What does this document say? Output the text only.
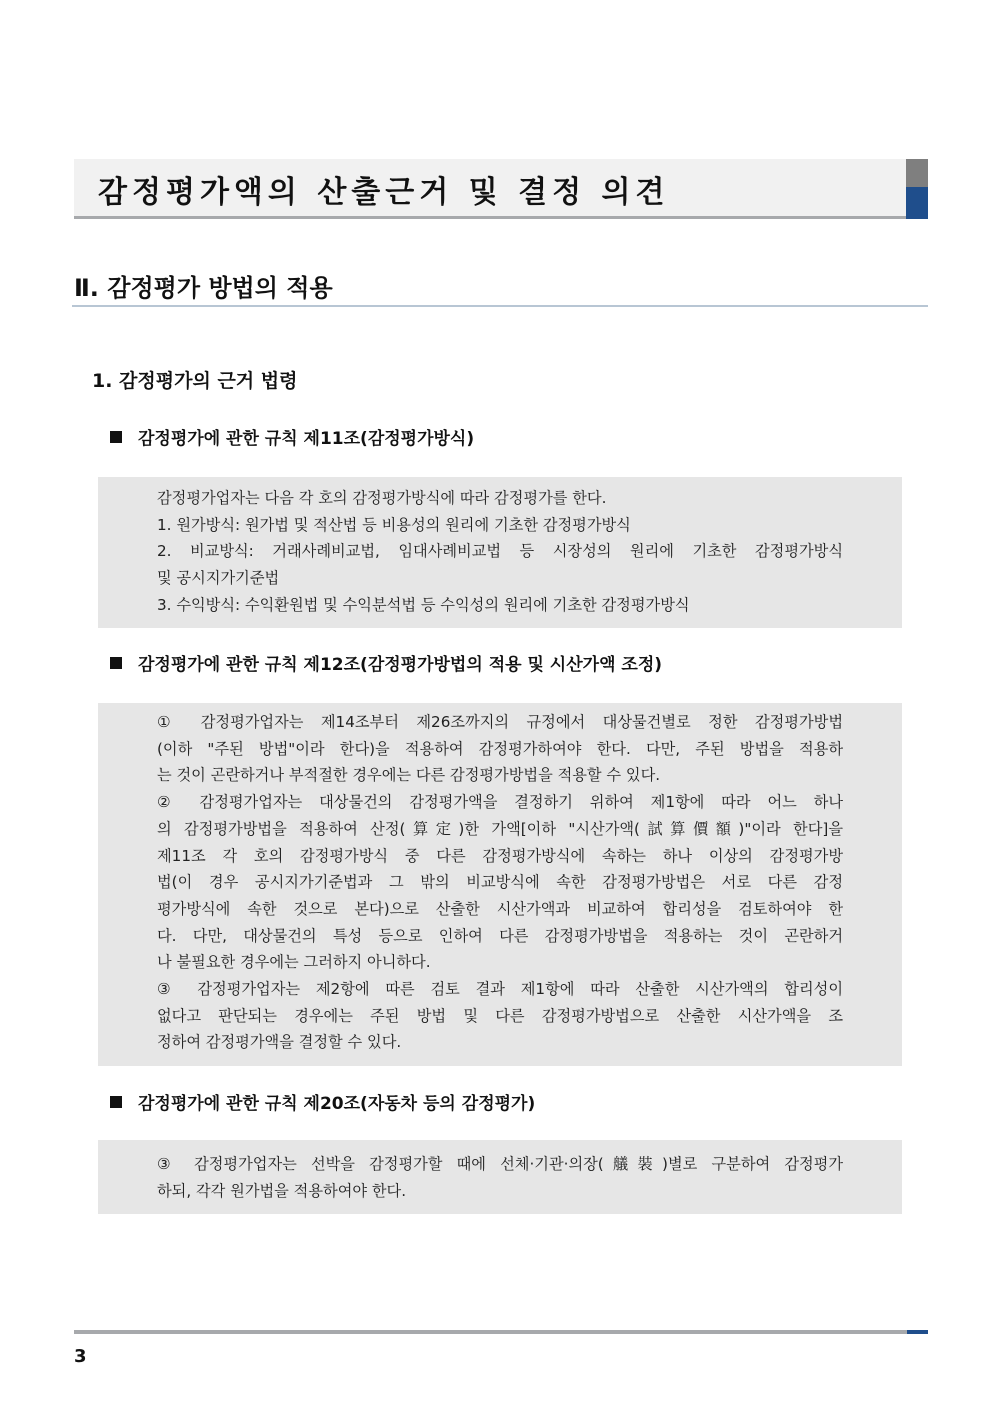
감정평가액의 산출근거 및 결정 의견
Ⅱ. 감정평가 방법의 적용
1. 감정평가의 근거 법령
감정평가에 관한 규칙 제11조(감정평가방식)
감정평가업자는 다음 각 호의 감정평가방식에 따라 감정평가를 한다.
1. 원가방식: 원가법 및 적산법 등 비용성의 원리에 기초한 감정평가방식
2. 비교방식: 거래사례비교법, 임대사례비교법 등 시장성의 원리에 기초한 감정평가방식
및 공시지가기준법
3. 수익방식: 수익환원법 및 수익분석법 등 수익성의 원리에 기초한 감정평가방식
감정평가에 관한 규칙 제12조(감정평가방법의 적용 및 시산가액 조정)
① 감정평가업자는 제14조부터 제26조까지의 규정에서 대상물건별로 정한 감정평가방법
(이하 "주된 방법"이라 한다)을 적용하여 감정평가하여야 한다. 다만, 주된 방법을 적용하
는 것이 곤란하거나 부적절한 경우에는 다른 감정평가방법을 적용할 수 있다.
② 감정평가업자는 대상물건의 감정평가액을 결정하기 위하여 제1항에 따라 어느 하나
의 감정평가방법을 적용하여 산정(算定)한 가액[이하 "시산가액(試算價額)"이라 한다]을
제11조 각 호의 감정평가방식 중 다른 감정평가방식에 속하는 하나 이상의 감정평가방
법(이 경우 공시지가기준법과 그 밖의 비교방식에 속한 감정평가방법은 서로 다른 감정
평가방식에 속한 것으로 본다)으로 산출한 시산가액과 비교하여 합리성을 검토하여야 한
다. 다만, 대상물건의 특성 등으로 인하여 다른 감정평가방법을 적용하는 것이 곤란하거
나 불필요한 경우에는 그러하지 아니하다.
③ 감정평가업자는 제2항에 따른 검토 결과 제1항에 따라 산출한 시산가액의 합리성이
없다고 판단되는 경우에는 주된 방법 및 다른 감정평가방법으로 산출한 시산가액을 조
정하여 감정평가액을 결정할 수 있다.
감정평가에 관한 규칙 제20조(자동차 등의 감정평가)
③ 감정평가업자는 선박을 감정평가할 때에 선체·기관·의장(艤裝)별로 구분하여 감정평가
하되, 각각 원가법을 적용하여야 한다.
3
